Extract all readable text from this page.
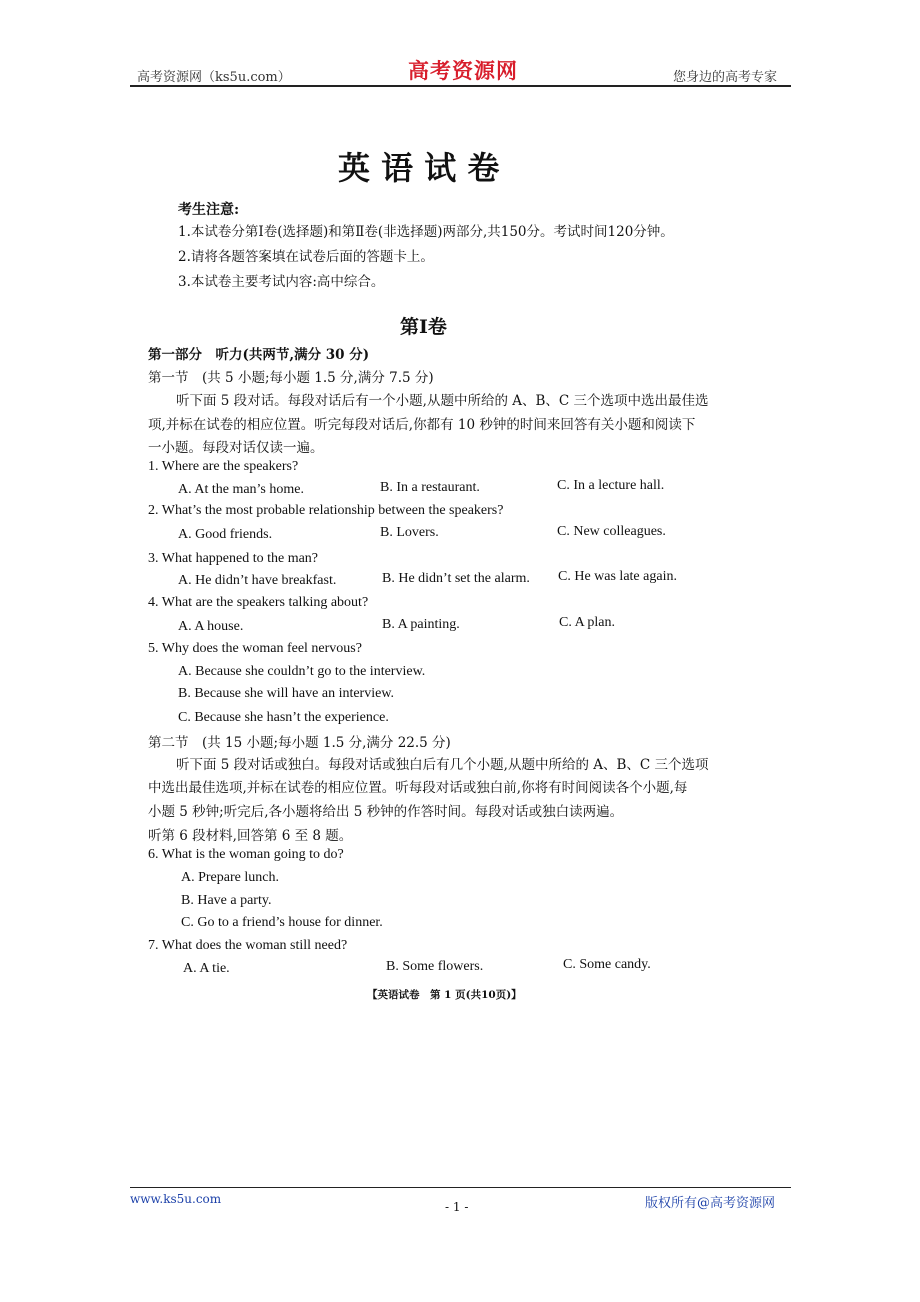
高考资源网（ks5u.com）	高考资源网	您身边的高考专家
英 语 试 卷
考生注意:
1.本试卷分第Ⅰ卷(选择题)和第Ⅱ卷(非选择题)两部分,共150分。考试时间120分钟。
2.请将各题答案填在试卷后面的答题卡上。
3.本试卷主要考试内容:高中综合。
第Ⅰ卷
第一部分　听力(共两节,满分 30 分)
第一节　(共 5 小题;每小题 1.5 分,满分 7.5 分)
听下面 5 段对话。每段对话后有一个小题,从题中所给的 A、B、C 三个选项中选出最佳选
项,并标在试卷的相应位置。听完每段对话后,你都有 10 秒钟的时间来回答有关小题和阅读下
一小题。每段对话仅读一遍。
1. Where are the speakers?
A. At the man’s home.	B. In a restaurant.	C. In a lecture hall.
2. What’s the most probable relationship between the speakers?
A. Good friends.	B. Lovers.	C. New colleagues.
3. What happened to the man?
A. He didn’t have breakfast.	B. He didn’t set the alarm. C. He was late again.
4. What are the speakers talking about?
A. A house.	B. A painting.	C. A plan.
5. Why does the woman feel nervous?
A. Because she couldn’t go to the interview.
B. Because she will have an interview.
C. Because she hasn’t the experience.
第二节　(共 15 小题;每小题 1.5 分,满分 22.5 分)
听下面 5 段对话或独白。每段对话或独白后有几个小题,从题中所给的 A、B、C 三个选项
中选出最佳选项,并标在试卷的相应位置。听每段对话或独白前,你将有时间阅读各个小题,每
小题 5 秒钟;听完后,各小题将给出 5 秒钟的作答时间。每段对话或独白读两遍。
听第 6 段材料,回答第 6 至 8 题。
6. What is the woman going to do?
A. Prepare lunch.
B. Have a party.
C. Go to a friend’s house for dinner.
7. What does the woman still need?
A. A tie.	B. Some flowers.	C. Some candy.
【英语试卷　第 1 页(共10页)】
www.ks5u.com
- 1 -	版权所有@高考资源网
